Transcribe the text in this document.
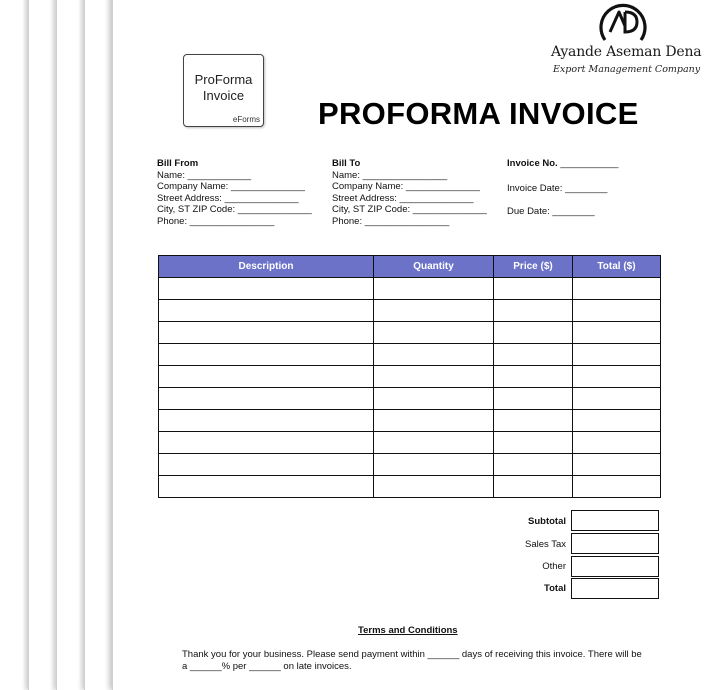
ProForma
Invoice
eForms
Ayande Aseman Dena
Export Management Company
PROFORMA INVOICE
Bill From
Name: ____________
Company Name: ______________
Street Address: ______________
City, ST ZIP Code: ______________
Phone: ________________
Bill To
Name: ________________
Company Name: ______________
Street Address: ______________
City, ST ZIP Code: ______________
Phone: ________________
Invoice No. ___________
Invoice Date: ________
Due Date: ________
Description	Quantity	Price ($)	Total ($)

Subtotal
Sales Tax
Other
Total
Terms and Conditions
Thank you for your business. Please send payment within ______ days of receiving this invoice. There will be a ______% per ______ on late invoices.
